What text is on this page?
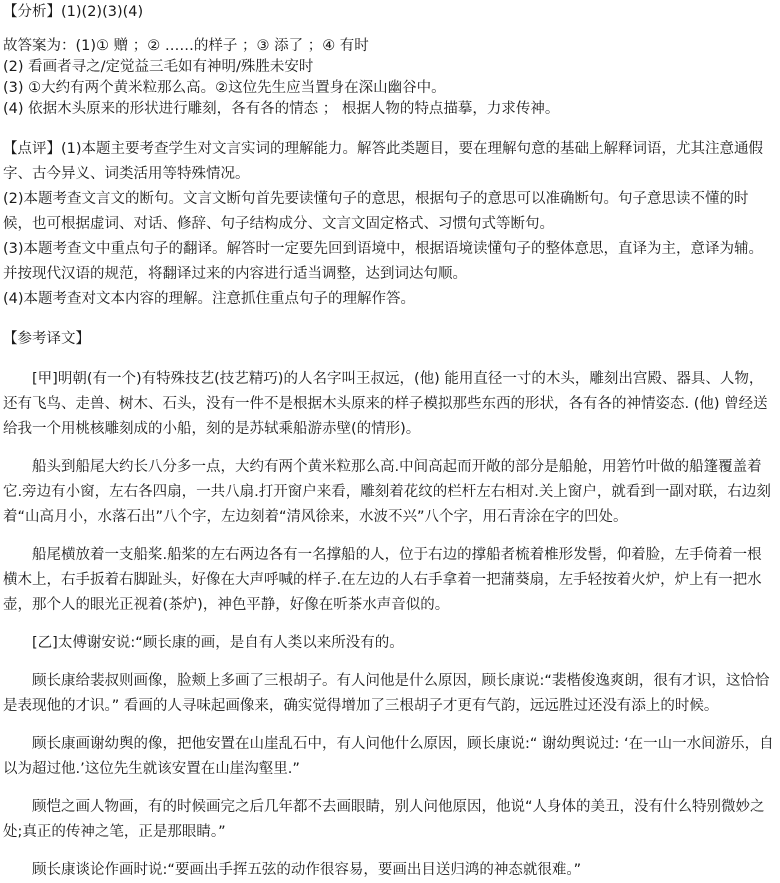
【分析】(1)(2)(3)(4)

故答案为：(1)① 赠 ；② ……的样子 ；③ 添了 ；④ 有时

(2) 看画者寻之/定觉益三毛如有神明/殊胜未安时

(3) ①大约有两个黄米粒那么高。②这位先生应当置身在深山幽谷中。

(4) 依据木头原来的形状进行雕刻，各有各的情态 ； 根据人物的特点描摹，力求传神。

【点评】(1)本题主要考查学生对文言实词的理解能力。解答此类题目，要在理解句意的基础上解释词语，尤其注意通假字、古今异义、词类活用等特殊情况。

(2)本题考查文言文的断句。文言文断句首先要读懂句子的意思，根据句子的意思可以准确断句。句子意思读不懂的时候，也可根据虚词、对话、修辞、句子结构成分、文言文固定格式、习惯句式等断句。

(3)本题考查文中重点句子的翻译。解答时一定要先回到语境中，根据语境读懂句子的整体意思，直译为主，意译为辅。并按现代汉语的规范，将翻译过来的内容进行适当调整，达到词达句顺。

(4)本题考查对文本内容的理解。注意抓住重点句子的理解作答。

【参考译文】

[甲]明朝(有一个)有特殊技艺(技艺精巧)的人名字叫王叔远，(他) 能用直径一寸的木头，雕刻出宫殿、器具、人物，还有飞鸟、走兽、树木、石头，没有一件不是根据木头原来的样子模拟那些东西的形状，各有各的神情姿态. (他) 曾经送给我一个用桃核雕刻成的小船，刻的是苏轼乘船游赤壁(的情形)。

船头到船尾大约长八分多一点，大约有两个黄米粒那么高.中间高起而开敞的部分是船舱，用箬竹叶做的船篷覆盖着它.旁边有小窗，左右各四扇，一共八扇.打开窗户来看，雕刻着花纹的栏杆左右相对.关上窗户，就看到一副对联，右边刻着“山高月小，水落石出”八个字，左边刻着“清风徐来，水波不兴”八个字，用石青涂在字的凹处。

船尾横放着一支船桨.船桨的左右两边各有一名撑船的人，位于右边的撑船者梳着椎形发髻，仰着脸，左手倚着一根横木上，右手扳着右脚趾头，好像在大声呼喊的样子.在左边的人右手拿着一把蒲葵扇，左手轻按着火炉，炉上有一把水壶，那个人的眼光正视着(茶炉)，神色平静，好像在听茶水声音似的。

[乙]太傅谢安说:“顾长康的画，是自有人类以来所没有的。

顾长康给裴叔则画像，脸颊上多画了三根胡子。有人问他是什么原因，顾长康说:“裴楷俊逸爽朗，很有才识，这恰恰是表现他的才识。” 看画的人寻味起画像来，确实觉得增加了三根胡子才更有气韵，远远胜过还没有添上的时候。

顾长康画谢幼舆的像，把他安置在山崖乱石中，有人问他什么原因，顾长康说:“ 谢幼舆说过: ‘在一山一水间游乐，自以为超过他.’这位先生就该安置在山崖沟壑里.”

顾恺之画人物画，有的时候画完之后几年都不去画眼睛，别人问他原因，他说“人身体的美丑，没有什么特别微妙之处;真正的传神之笔，正是那眼睛。”

顾长康谈论作画时说:“要画出手挥五弦的动作很容易，要画出目送归鸿的神态就很难。”
